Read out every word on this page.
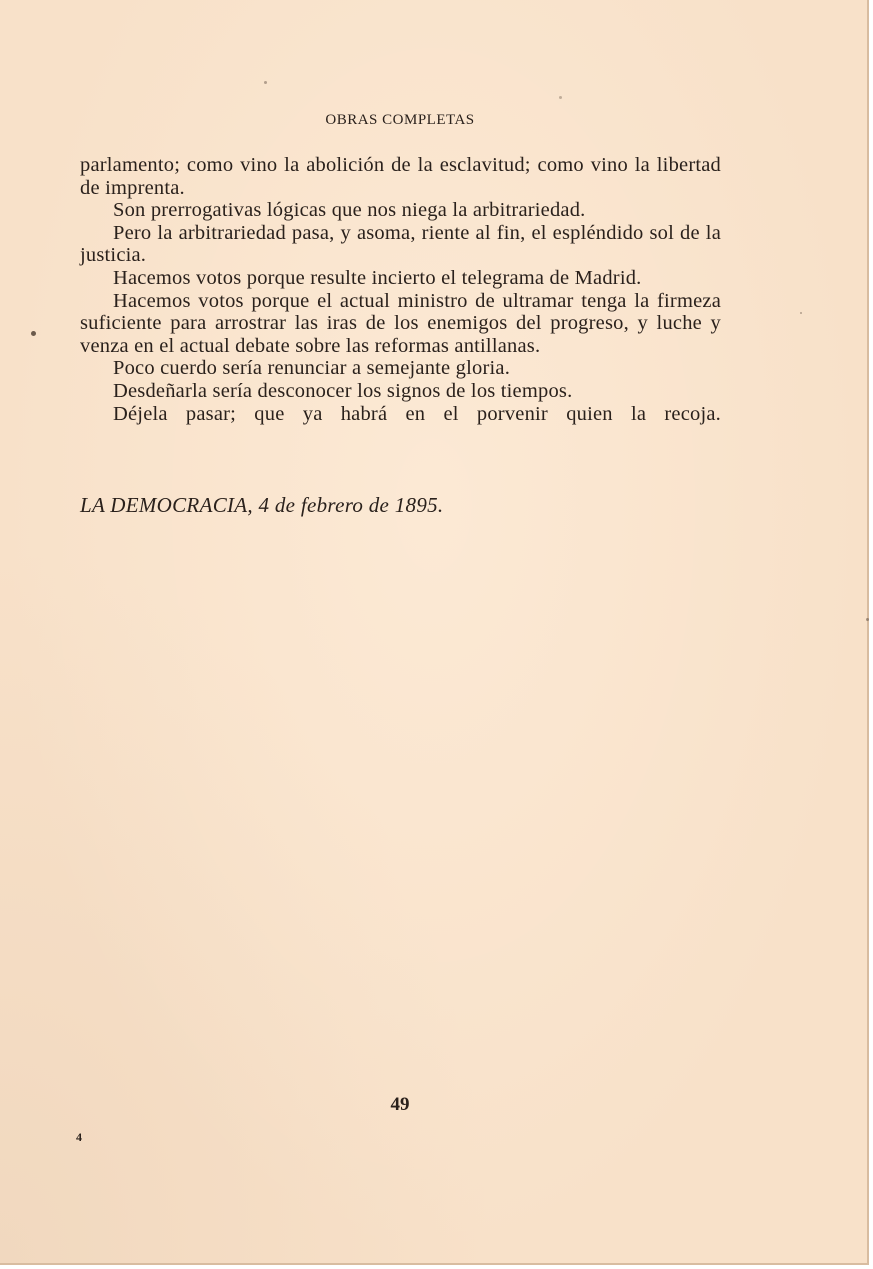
OBRAS COMPLETAS

parlamento; como vino la abolición de la esclavitud; como vino la libertad de imprenta.

Son prerrogativas lógicas que nos niega la arbitrariedad.

Pero la arbitrariedad pasa, y asoma, riente al fin, el espléndido sol de la justicia.

Hacemos votos porque resulte incierto el telegrama de Madrid.

Hacemos votos porque el actual ministro de ultramar tenga la firmeza suficiente para arrostrar las iras de los enemigos del progreso, y luche y venza en el actual debate sobre las reformas antillanas.

Poco cuerdo sería renunciar a semejante gloria.

Desdeñarla sería desconocer los signos de los tiempos.

Déjela pasar; que ya habrá en el porvenir quien la recoja.

LA DEMOCRACIA, 4 de febrero de 1895.
49
4
